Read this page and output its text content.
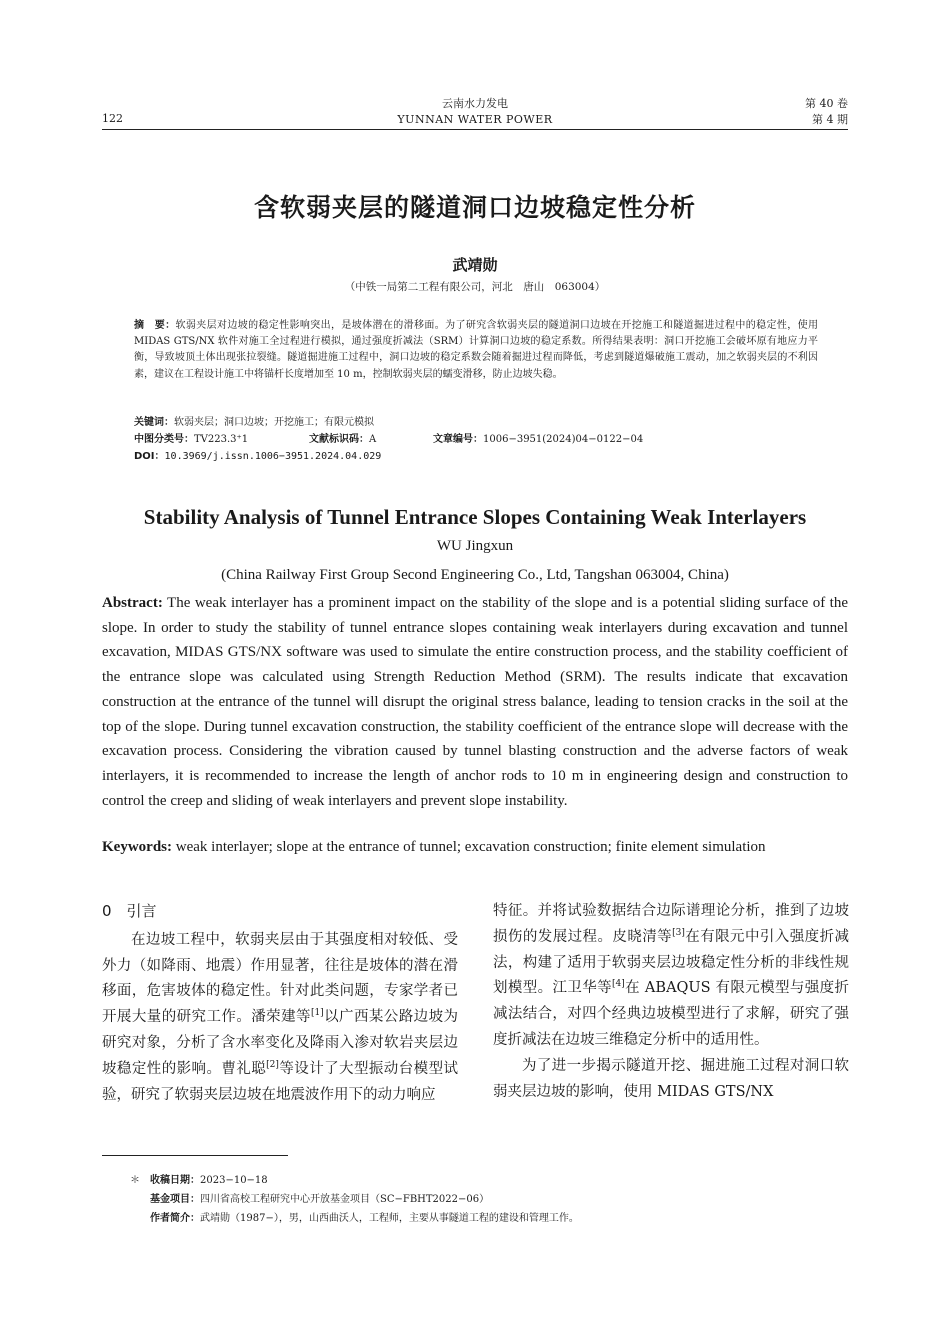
122
云南水力发电
YUNNAN WATER POWER
第 40 卷
第 4 期
含软弱夹层的隧道洞口边坡稳定性分析
武靖勋
（中铁一局第二工程有限公司，河北　唐山　063004）
摘　要：软弱夹层对边坡的稳定性影响突出，是坡体潜在的滑移面。为了研究含软弱夹层的隧道洞口边坡在开挖施工和隧道掘进过程中的稳定性，使用 MIDAS GTS/NX 软件对施工全过程进行模拟，通过强度折减法（SRM）计算洞口边坡的稳定系数。所得结果表明：洞口开挖施工会破坏原有地应力平衡，导致坡顶土体出现张拉裂缝。隧道掘进施工过程中，洞口边坡的稳定系数会随着掘进过程而降低，考虑到隧道爆破施工震动，加之软弱夹层的不利因素，建议在工程设计施工中将锚杆长度增加至 10 m，控制软弱夹层的蠕变滑移，防止边坡失稳。
关键词：软弱夹层；洞口边坡；开挖施工；有限元模拟
中图分类号：TV223.3⁺1	文献标识码：A	文章编号：1006−3951(2024)04−0122−04
DOI：10.3969/j.issn.1006−3951.2024.04.029
Stability Analysis of Tunnel Entrance Slopes Containing Weak Interlayers
WU Jingxun
(China Railway First Group Second Engineering Co., Ltd, Tangshan 063004, China)
Abstract: The weak interlayer has a prominent impact on the stability of the slope and is a potential sliding surface of the slope. In order to study the stability of tunnel entrance slopes containing weak interlayers during excavation and tunnel excavation, MIDAS GTS/NX software was used to simulate the entire construction process, and the stability coefficient of the entrance slope was calculated using Strength Reduction Method (SRM). The results indicate that excavation construction at the entrance of the tunnel will disrupt the original stress balance, leading to tension cracks in the soil at the top of the slope. During tunnel excavation construction, the stability coefficient of the entrance slope will decrease with the excavation process. Considering the vibration caused by tunnel blasting construction and the adverse factors of weak interlayers, it is recommended to increase the length of anchor rods to 10 m in engineering design and construction to control the creep and sliding of weak interlayers and prevent slope instability.
Keywords: weak interlayer; slope at the entrance of tunnel; excavation construction; finite element simulation
0　引言
在边坡工程中，软弱夹层由于其强度相对较低、受外力（如降雨、地震）作用显著，往往是坡体的潜在滑移面，危害坡体的稳定性。针对此类问题，专家学者已开展大量的研究工作。潘荣建等[1]以广西某公路边坡为研究对象，分析了含水率变化及降雨入渗对软岩夹层边坡稳定性的影响。曹礼聪[2]等设计了大型振动台模型试验，研究了软弱夹层边坡在地震波作用下的动力响应
特征。并将试验数据结合边际谱理论分析，推到了边坡损伤的发展过程。皮晓清等[3]在有限元中引入强度折减法，构建了适用于软弱夹层边坡稳定性分析的非线性规划模型。江卫华等[4]在 ABAQUS 有限元模型与强度折减法结合，对四个经典边坡模型进行了求解，研究了强度折减法在边坡三维稳定分析中的适用性。
为了进一步揭示隧道开挖、掘进施工过程对洞口软弱夹层边坡的影响，使用 MIDAS GTS/NX
＊ 收稿日期：2023−10−18
基金项目：四川省高校工程研究中心开放基金项目（SC−FBHT2022−06）
作者简介：武靖勋（1987−），男，山西曲沃人，工程师，主要从事隧道工程的建设和管理工作。
